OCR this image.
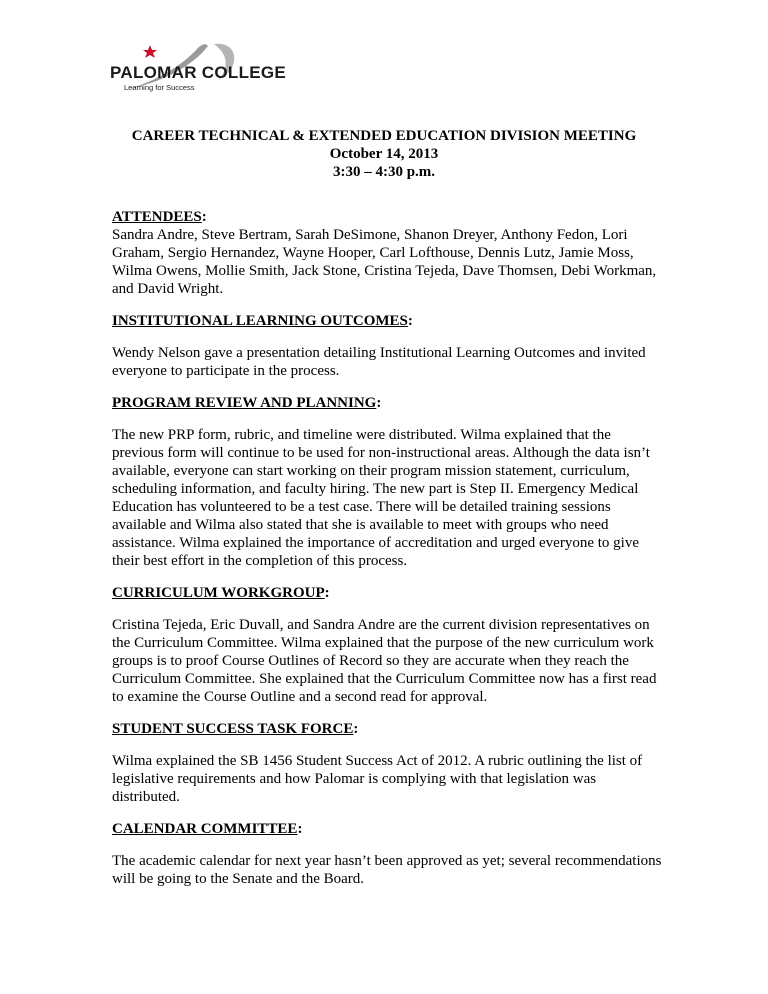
PALOMAR COLLEGE
Learning for Success
CAREER TECHNICAL & EXTENDED EDUCATION DIVISION MEETING
October 14, 2013
3:30 – 4:30 p.m.

ATTENDEES:

Sandra Andre, Steve Bertram, Sarah DeSimone, Shanon Dreyer, Anthony Fedon, Lori Graham, Sergio Hernandez, Wayne Hooper, Carl Lofthouse, Dennis Lutz, Jamie Moss, Wilma Owens, Mollie Smith, Jack Stone, Cristina Tejeda, Dave Thomsen, Debi Workman, and David Wright.

INSTITUTIONAL LEARNING OUTCOMES:

Wendy Nelson gave a presentation detailing Institutional Learning Outcomes and invited everyone to participate in the process.

PROGRAM REVIEW AND PLANNING:

The new PRP form, rubric, and timeline were distributed. Wilma explained that the previous form will continue to be used for non-instructional areas. Although the data isn’t available, everyone can start working on their program mission statement, curriculum, scheduling information, and faculty hiring. The new part is Step II. Emergency Medical Education has volunteered to be a test case. There will be detailed training sessions available and Wilma also stated that she is available to meet with groups who need assistance. Wilma explained the importance of accreditation and urged everyone to give their best effort in the completion of this process.

CURRICULUM WORKGROUP:

Cristina Tejeda, Eric Duvall, and Sandra Andre are the current division representatives on the Curriculum Committee. Wilma explained that the purpose of the new curriculum work groups is to proof Course Outlines of Record so they are accurate when they reach the Curriculum Committee. She explained that the Curriculum Committee now has a first read to examine the Course Outline and a second read for approval.

STUDENT SUCCESS TASK FORCE:

Wilma explained the SB 1456 Student Success Act of 2012. A rubric outlining the list of legislative requirements and how Palomar is complying with that legislation was distributed.

CALENDAR COMMITTEE:

The academic calendar for next year hasn’t been approved as yet; several recommendations will be going to the Senate and the Board.
